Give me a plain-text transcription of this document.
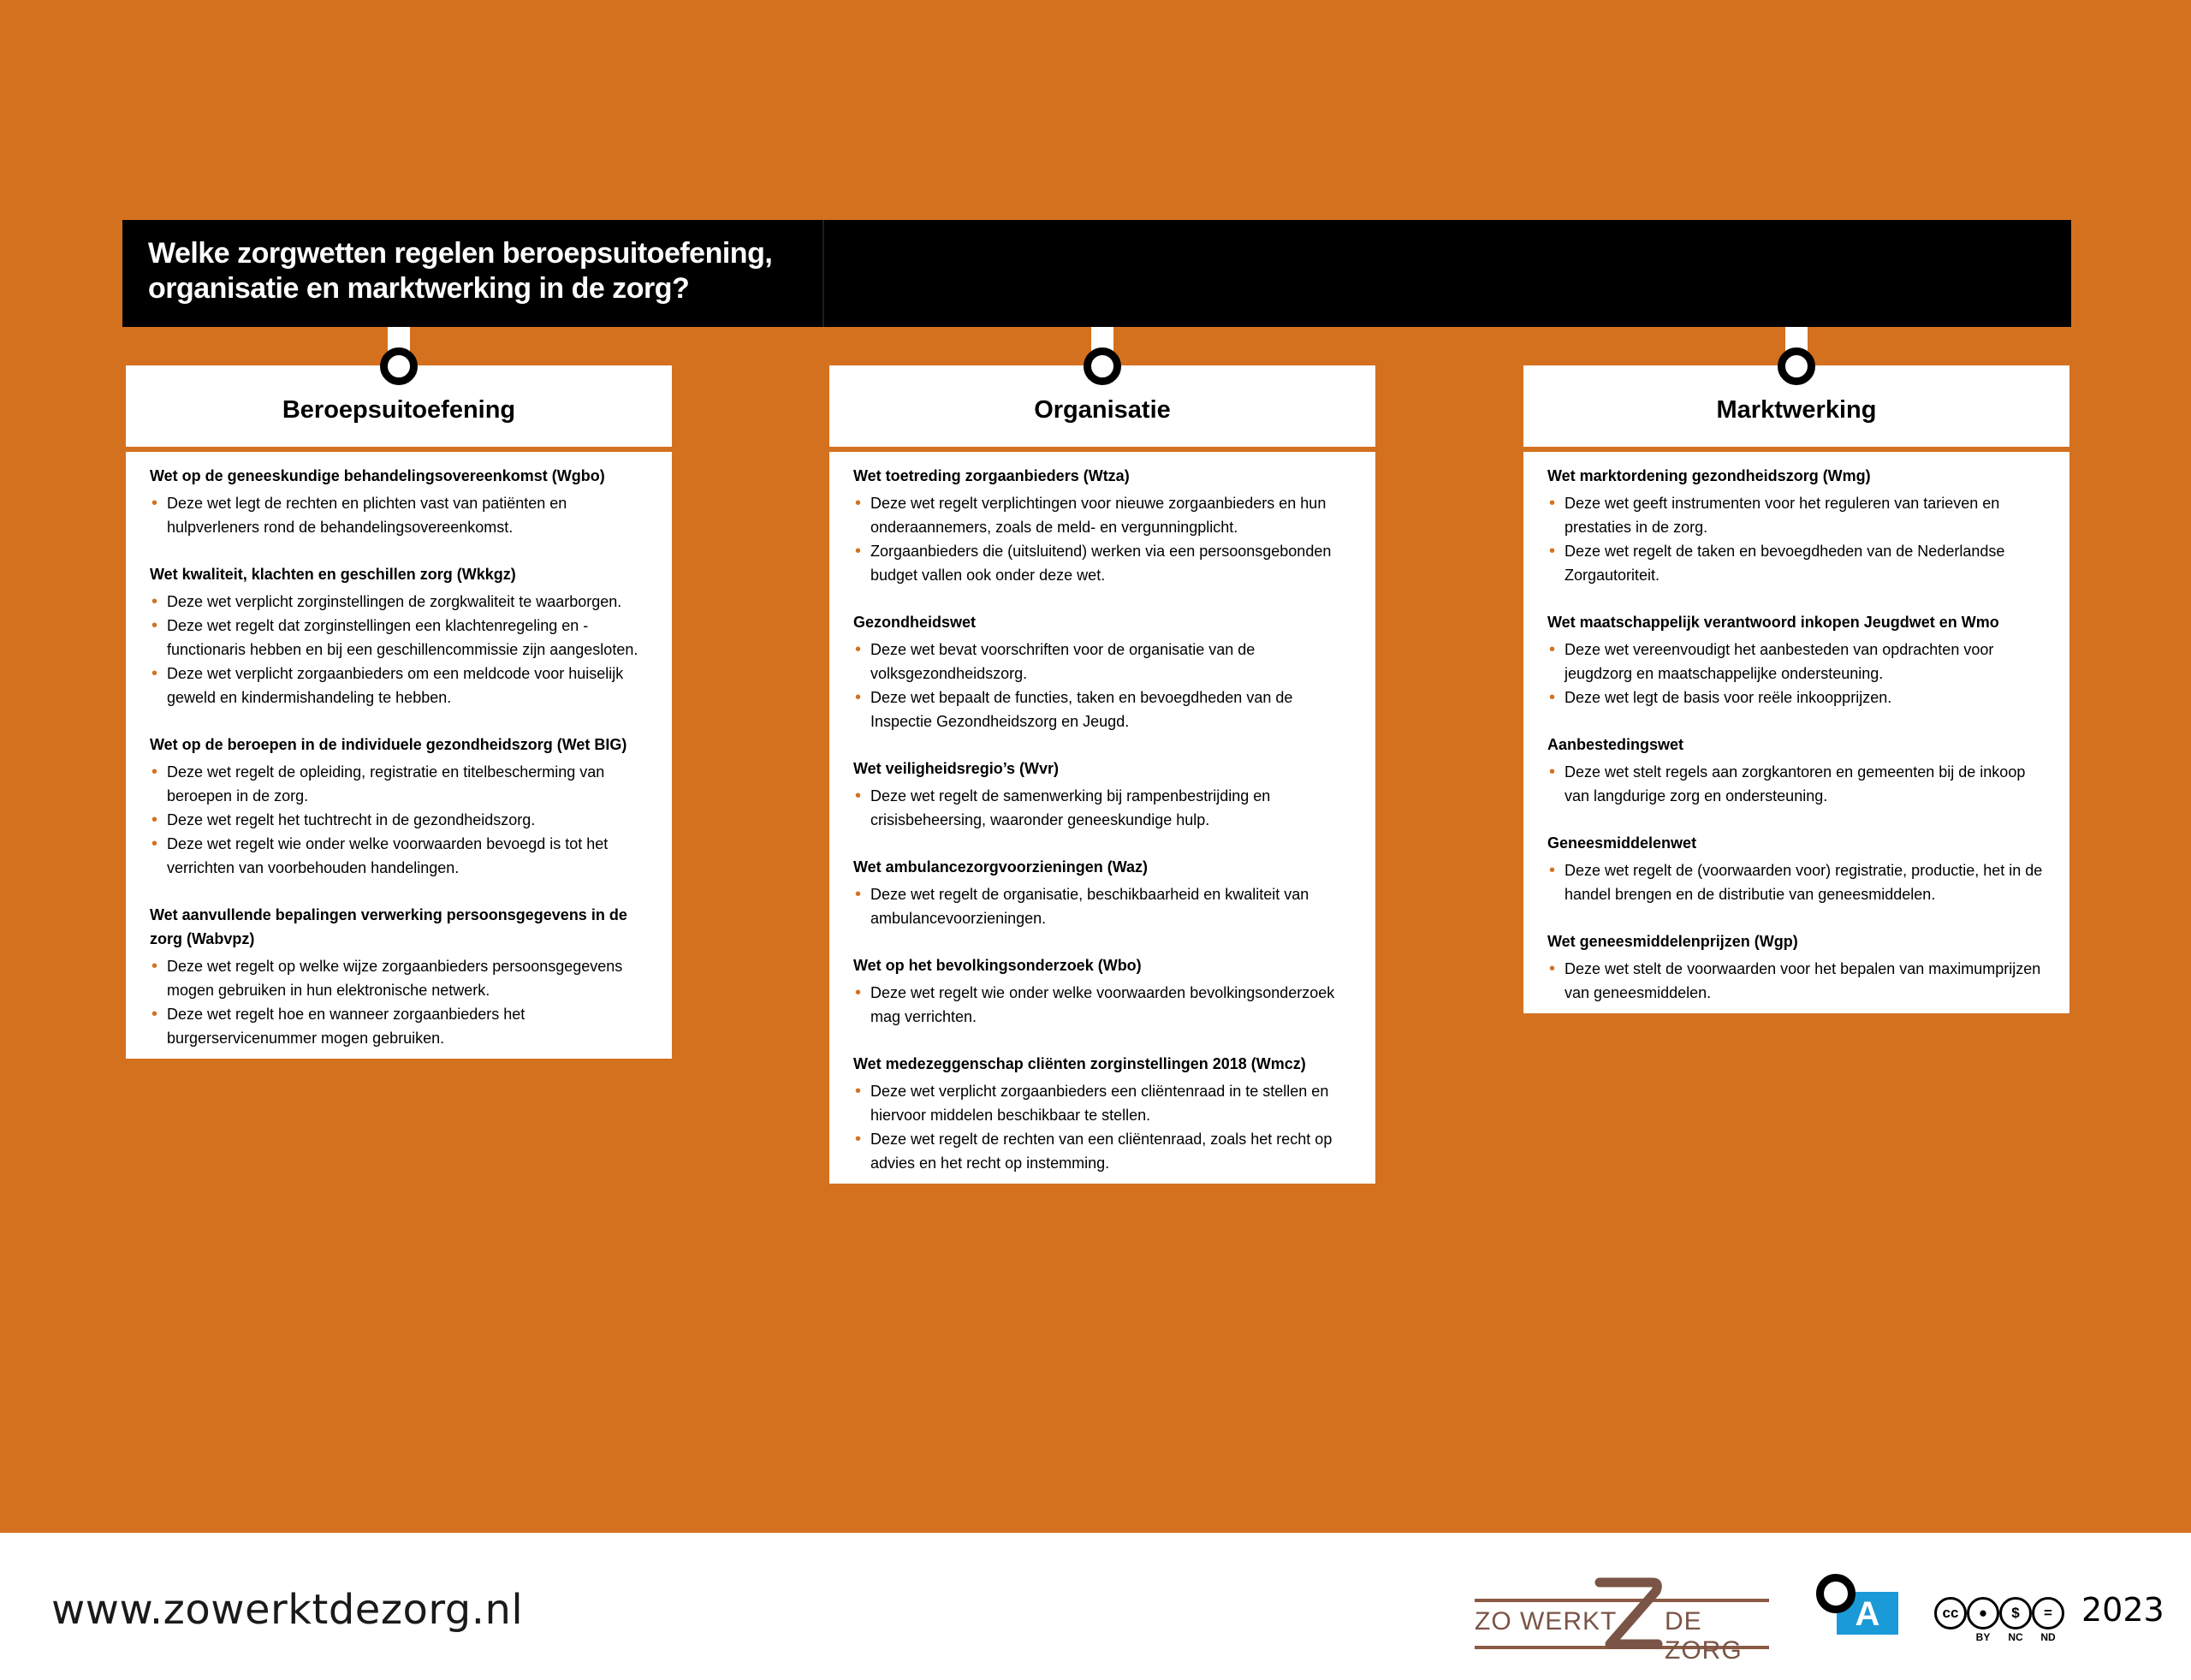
Welke zorgwetten regelen beroepsuitoefening,
organisatie en marktwerking in de zorg?
Beroepsuitoefening
Wet op de geneeskundige behandelingsovereenkomst (Wgbo)
• Deze wet legt de rechten en plichten vast van patiënten en hulpverleners rond de behandelingsovereenkomst.
Wet kwaliteit, klachten en geschillen zorg (Wkkgz)
• Deze wet verplicht zorginstellingen de zorgkwaliteit te waarborgen.
• Deze wet regelt dat zorginstellingen een klachtenregeling en -functionaris hebben en bij een geschillencommissie zijn aangesloten.
• Deze wet verplicht zorgaanbieders om een meldcode voor huiselijk geweld en kindermishandeling te hebben.
Wet op de beroepen in de individuele gezondheidszorg (Wet BIG)
• Deze wet regelt de opleiding, registratie en titelbescherming van beroepen in de zorg.
• Deze wet regelt het tuchtrecht in de gezondheidszorg.
• Deze wet regelt wie onder welke voorwaarden bevoegd is tot het verrichten van voorbehouden handelingen.
Wet aanvullende bepalingen verwerking persoonsgegevens in de zorg (Wabvpz)
• Deze wet regelt op welke wijze zorgaanbieders persoonsgegevens mogen gebruiken in hun elektronische netwerk.
• Deze wet regelt hoe en wanneer zorgaanbieders het burgerservicenummer mogen gebruiken.
Organisatie
Wet toetreding zorgaanbieders (Wtza)
• Deze wet regelt verplichtingen voor nieuwe zorgaanbieders en hun onderaannemers, zoals de meld- en vergunningplicht.
• Zorgaanbieders die (uitsluitend) werken via een persoonsgebonden budget vallen ook onder deze wet.
Gezondheidswet
• Deze wet bevat voorschriften voor de organisatie van de volksgezondheidszorg.
• Deze wet bepaalt de functies, taken en bevoegdheden van de Inspectie Gezondheidszorg en Jeugd.
Wet veiligheidsregio’s (Wvr)
• Deze wet regelt de samenwerking bij rampenbestrijding en crisisbeheersing, waaronder geneeskundige hulp.
Wet ambulancezorgvoorzieningen (Waz)
• Deze wet regelt de organisatie, beschikbaarheid en kwaliteit van ambulancevoorzieningen.
Wet op het bevolkingsonderzoek (Wbo)
• Deze wet regelt wie onder welke voorwaarden bevolkingsonderzoek mag verrichten.
Wet medezeggenschap cliënten zorginstellingen 2018 (Wmcz)
• Deze wet verplicht zorgaanbieders een cliëntenraad in te stellen en hiervoor middelen beschikbaar te stellen.
• Deze wet regelt de rechten van een cliëntenraad, zoals het recht op advies en het recht op instemming.
Marktwerking
Wet marktordening gezondheidszorg (Wmg)
• Deze wet geeft instrumenten voor het reguleren van tarieven en prestaties in de zorg.
• Deze wet regelt de taken en bevoegdheden van de Nederlandse Zorgautoriteit.
Wet maatschappelijk verantwoord inkopen Jeugdwet en Wmo
• Deze wet vereenvoudigt het aanbesteden van opdrachten voor jeugdzorg en maatschappelijke ondersteuning.
• Deze wet legt de basis voor reële inkoopprijzen.
Aanbestedingswet
• Deze wet stelt regels aan zorgkantoren en gemeenten bij de inkoop van langdurige zorg en ondersteuning.
Geneesmiddelenwet
• Deze wet regelt de (voorwaarden voor) registratie, productie, het in de handel brengen en de distributie van geneesmiddelen.
Wet geneesmiddelenprijzen (Wgp)
• Deze wet stelt de voorwaarden voor het bepalen van maximumprijzen van geneesmiddelen.
www.zowerktdezorg.nl	ZO WERKT DE ZORG
A	cc	●	$	=
BY	NC	ND
2023
